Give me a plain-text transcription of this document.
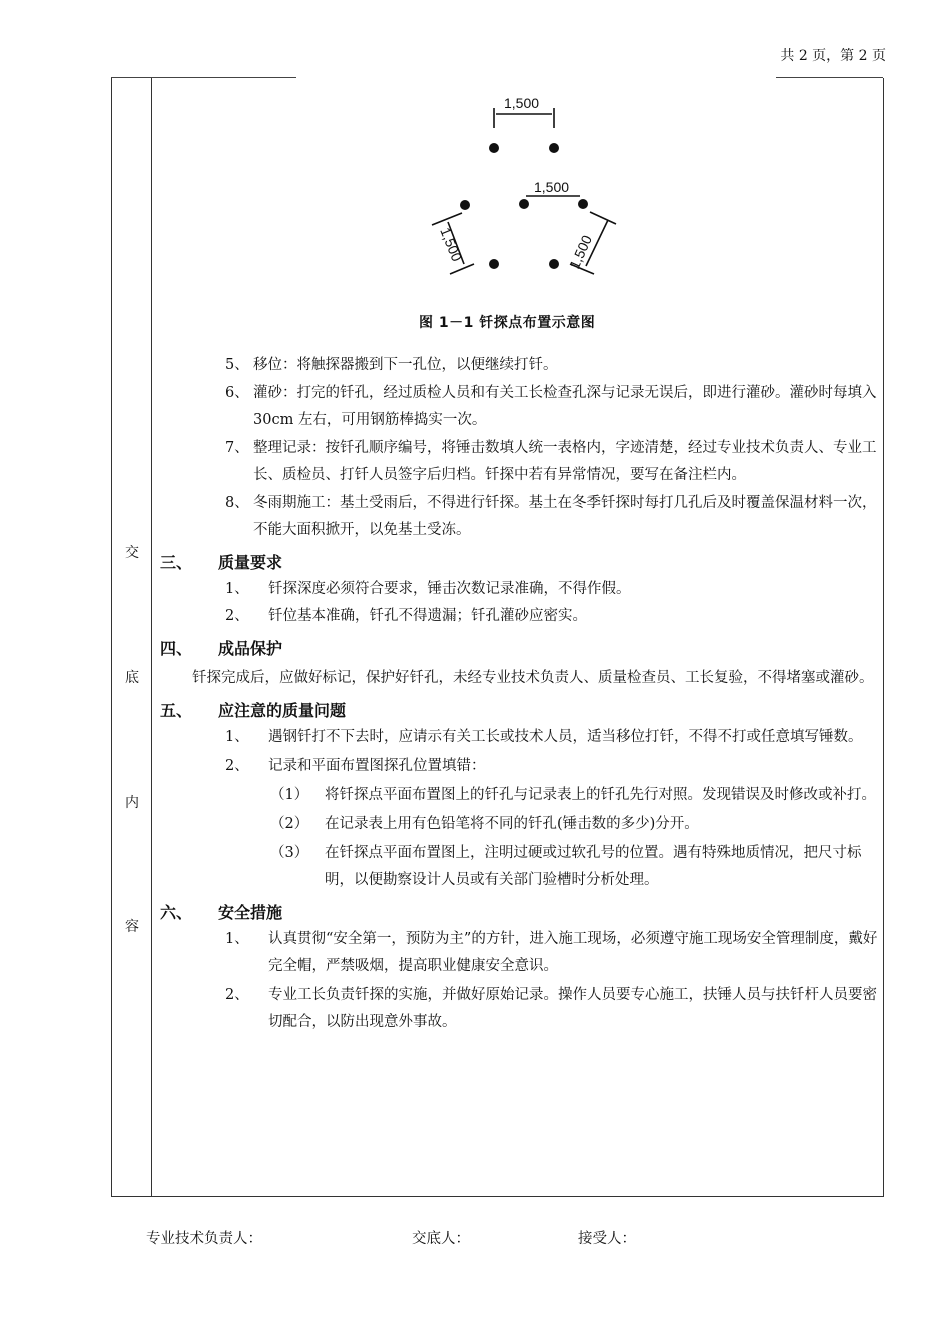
共 2 页，第 2 页
交
底
内
容
1,500
1,500
1,500	1,500
图 1－1 钎探点布置示意图
5、 移位：将触探器搬到下一孔位，以便继续打钎。
6、 灌砂：打完的钎孔，经过质检人员和有关工长检查孔深与记录无误后，即进行灌砂。灌砂时每填入 30cm 左右，可用钢筋棒捣实一次。
7、 整理记录：按钎孔顺序编号，将锤击数填人统一表格内，字迹清楚，经过专业技术负责人、专业工长、质检员、打钎人员签字后归档。钎探中若有异常情况，要写在备注栏内。
8、 冬雨期施工：基土受雨后，不得进行钎探。基土在冬季钎探时每打几孔后及时覆盖保温材料一次，不能大面积掀开，以免基土受冻。
三、	质量要求
1、 钎探深度必须符合要求，锤击次数记录准确，不得作假。
2、 钎位基本准确，钎孔不得遗漏；钎孔灌砂应密实。
四、	成品保护
钎探完成后，应做好标记，保护好钎孔，未经专业技术负责人、质量检查员、工长复验，不得堵塞或灌砂。
五、	应注意的质量问题
1、 遇钢钎打不下去时，应请示有关工长或技术人员，适当移位打钎，不得不打或任意填写锤数。
2、 记录和平面布置图探孔位置填错：
（1） 将钎探点平面布置图上的钎孔与记录表上的钎孔先行对照。发现错误及时修改或补打。
（2） 在记录表上用有色铅笔将不同的钎孔(锤击数的多少)分开。
（3） 在钎探点平面布置图上，注明过硬或过软孔号的位置。遇有特殊地质情况，把尺寸标明，以便勘察设计人员或有关部门验槽时分析处理。
六、	安全措施
1、 认真贯彻“安全第一，预防为主”的方针，进入施工现场，必须遵守施工现场安全管理制度，戴好完全帽，严禁吸烟，提高职业健康安全意识。
2、 专业工长负责钎探的实施，并做好原始记录。操作人员要专心施工，扶锤人员与扶钎杆人员要密切配合，以防出现意外事故。
专业技术负责人：	交底人：	接受人：
